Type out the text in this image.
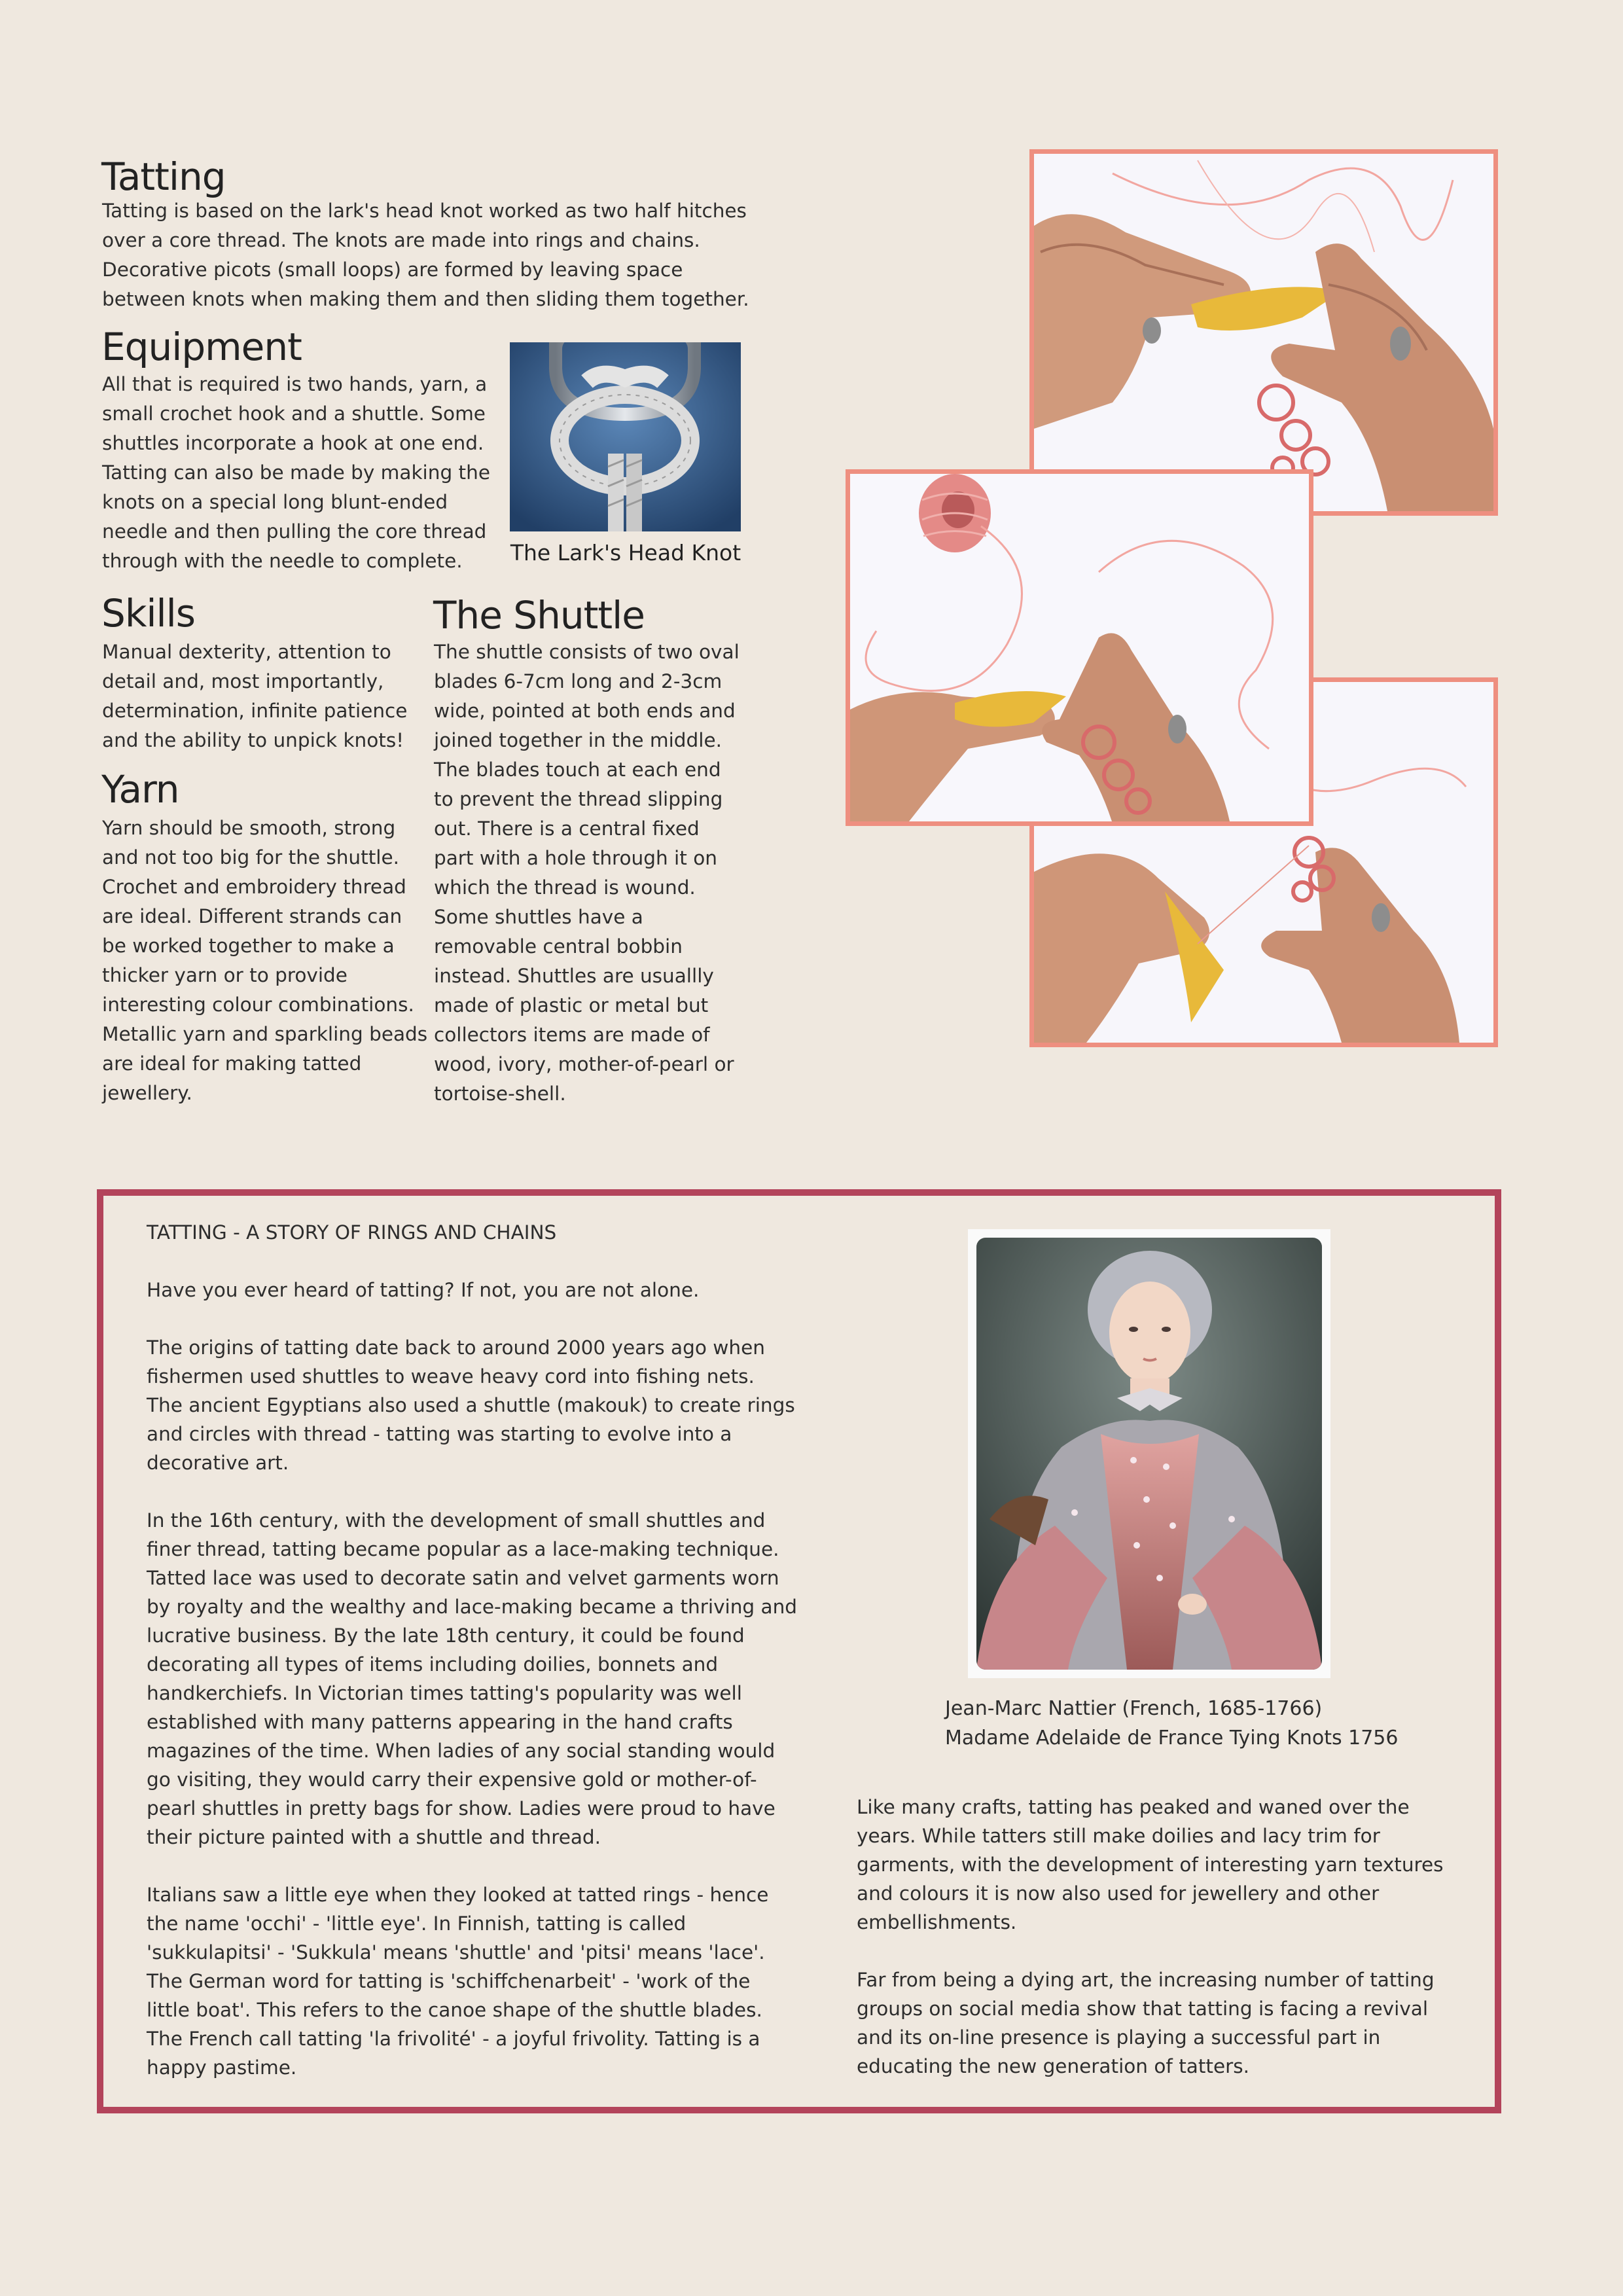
Tatting

Tatting is based on the lark's head knot worked as two half hitches
over a core thread. The knots are made into rings and chains.
Decorative picots (small loops) are formed by leaving space
between knots when making them and then sliding them together.

Equipment

All that is required is two hands, yarn, a
small crochet hook and a shuttle. Some
shuttles incorporate a hook at one end.
Tatting can also be made by making the
knots on a special long blunt-ended
needle and then pulling the core thread
through with the needle to complete.	The Lark's Head Knot
Skills

Manual dexterity, attention to
detail and, most importantly,
determination, infinite patience
and the ability to unpick knots!

Yarn

Yarn should be smooth, strong
and not too big for the shuttle.
Crochet and embroidery thread
are ideal. Different strands can
be worked together to make a
thicker yarn or to provide
interesting colour combinations.
Metallic yarn and sparkling beads
are ideal for making tatted
jewellery.

The Shuttle

The shuttle consists of two oval
blades 6-7cm long and 2-3cm
wide, pointed at both ends and
joined together in the middle.
The blades touch at each end
to prevent the thread slipping
out. There is a central fixed
part with a hole through it on
which the thread is wound.
Some shuttles have a
removable central bobbin
instead. Shuttles are usuallly
made of plastic or metal but
collectors items are made of
wood, ivory, mother-of-pearl or
tortoise-shell.

TATTING - A STORY OF RINGS AND CHAINS
Have you ever heard of tatting? If not, you are not alone.
The origins of tatting date back to around 2000 years ago when
fishermen used shuttles to weave heavy cord into fishing nets.
The ancient Egyptians also used a shuttle (makouk) to create rings
and circles with thread - tatting was starting to evolve into a
decorative art.
In the 16th century, with the development of small shuttles and
finer thread, tatting became popular as a lace-making technique.
Tatted lace was used to decorate satin and velvet garments worn
by royalty and the wealthy and lace-making became a thriving and
lucrative business. By the late 18th century, it could be found
decorating all types of items including doilies, bonnets and
handkerchiefs. In Victorian times tatting's popularity was well
established with many patterns appearing in the hand crafts
magazines of the time. When ladies of any social standing would
go visiting, they would carry their expensive gold or mother-of-
pearl shuttles in pretty bags for show. Ladies were proud to have
their picture painted with a shuttle and thread.
Italians saw a little eye when they looked at tatted rings - hence
the name 'occhi' - 'little eye'. In Finnish, tatting is called
'sukkulapitsi' - 'Sukkula' means 'shuttle' and 'pitsi' means 'lace'.
The German word for tatting is 'schiffchenarbeit' - 'work of the
little boat'. This refers to the canoe shape of the shuttle blades.
The French call tatting 'la frivolité' - a joyful frivolity. Tatting is a
happy pastime.
Jean-Marc Nattier (French, 1685-1766)
Madame Adelaide de France Tying Knots 1756
Like many crafts, tatting has peaked and waned over the
years. While tatters still make doilies and lacy trim for
garments, with the development of interesting yarn textures
and colours it is now also used for jewellery and other
embellishments.
Far from being a dying art, the increasing number of tatting
groups on social media show that tatting is facing a revival
and its on-line presence is playing a successful part in
educating the new generation of tatters.
